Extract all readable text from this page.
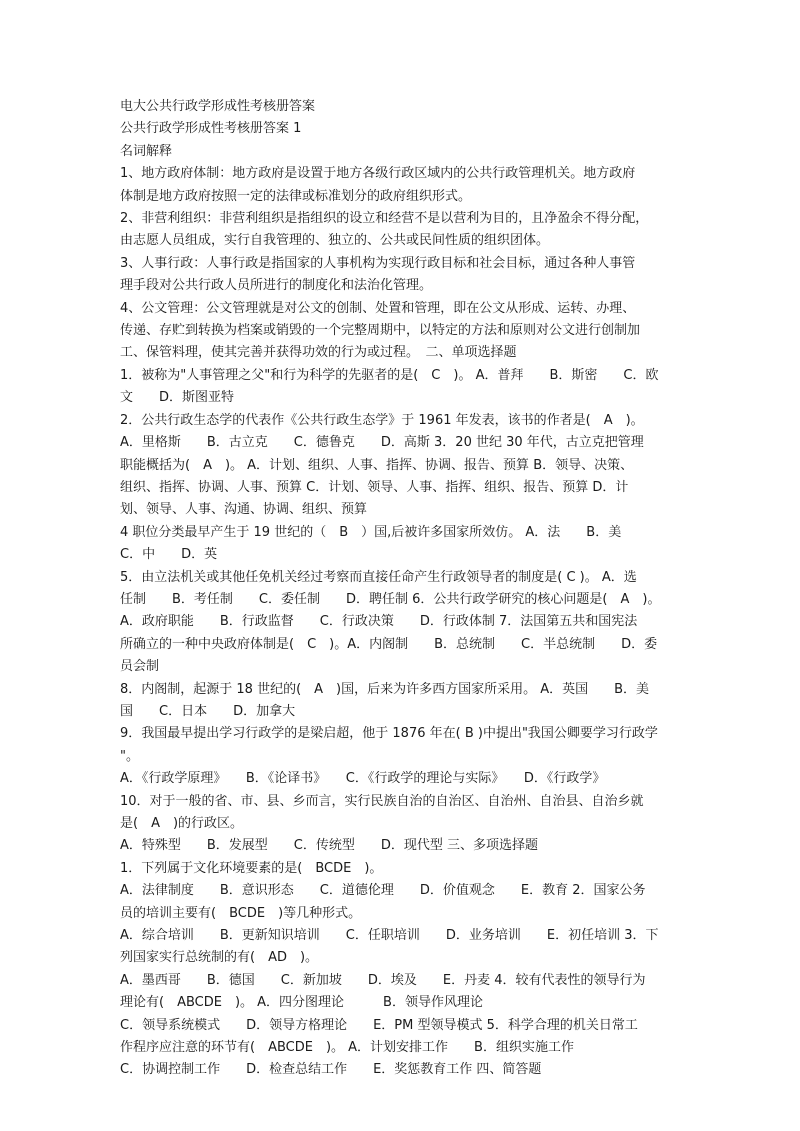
电大公共行政学形成性考核册答案
公共行政学形成性考核册答案 1
名词解释
1、地方政府体制：地方政府是设置于地方各级行政区域内的公共行政管理机关。地方政府
体制是地方政府按照一定的法律或标准划分的政府组织形式。
2、非营利组织：非营利组织是指组织的设立和经营不是以营利为目的，且净盈余不得分配，
由志愿人员组成，实行自我管理的、独立的、公共或民间性质的组织团体。
3、人事行政：人事行政是指国家的人事机构为实现行政目标和社会目标，通过各种人事管
理手段对公共行政人员所进行的制度化和法治化管理。
4、公文管理：公文管理就是对公文的创制、处置和管理，即在公文从形成、运转、办理、
传递、存贮到转换为档案或销毁的一个完整周期中，以特定的方法和原则对公文进行创制加
工、保管料理，使其完善并获得功效的行为或过程。　二、单项选择题
1．被称为"人事管理之父"和行为科学的先驱者的是(　C　)。 A．普拜　　B．斯密　　C．欧
文　　D．斯图亚特
2．公共行政生态学的代表作《公共行政生态学》于 1961 年发表，该书的作者是(　A　)。
A．里格斯　　B．古立克　　C．德鲁克　　D．高斯 3．20 世纪 30 年代，古立克把管理
职能概括为(　A　)。 A．计划、组织、人事、指挥、协调、报告、预算 B．领导、决策、
组织、指挥、协调、人事、预算 C．计划、领导、人事、指挥、组织、报告、预算 D．计
划、领导、人事、沟通、协调、组织、预算
4 职位分类最早产生于 19 世纪的（　B　）国,后被许多国家所效仿。 A．法　　B．美
C．中　　D．英
5．由立法机关或其他任免机关经过考察而直接任命产生行政领导者的制度是( C )。 A．选
任制　　B．考任制　　C．委任制　　D．聘任制 6．公共行政学研究的核心问题是(　A　)。
A．政府职能　　B．行政监督　　C．行政决策　　D．行政体制 7．法国第五共和国宪法
所确立的一种中央政府体制是(　C　)。A．内阁制　　B．总统制　　C．半总统制　　D．委
员会制
8．内阁制，起源于 18 世纪的(　A　)国，后来为许多西方国家所采用。 A．英国　　B．美
国　　C．日本　　D．加拿大
9．我国最早提出学习行政学的是梁启超，他于 1876 年在( B )中提出"我国公卿要学习行政学
"。
A．《行政学原理》　　B．《论译书》　　C．《行政学的理论与实际》　　D．《行政学》
10．对于一般的省、市、县、乡而言，实行民族自治的自治区、自治州、自治县、自治乡就
是(　A　)的行政区。
A．特殊型　　B．发展型　　C．传统型　　D．现代型 三、多项选择题
1．下列属于文化环境要素的是(　BCDE　)。
A．法律制度　　B．意识形态　　C．道德伦理　　D．价值观念　　E．教育 2．国家公务
员的培训主要有(　BCDE　)等几种形式。
A．综合培训　　B．更新知识培训　　C．任职培训　　D．业务培训　　E．初任培训 3．下
列国家实行总统制的有(　AD　)。
A．墨西哥　　B．德国　　C．新加坡　　D．埃及　　E．丹麦 4．较有代表性的领导行为
理论有(　ABCDE　)。 A．四分图理论　　　B．领导作风理论
C．领导系统模式　　D．领导方格理论　　E．PM 型领导模式 5．科学合理的机关日常工
作程序应注意的环节有(　ABCDE　)。 A．计划安排工作　　B．组织实施工作
C．协调控制工作　　D．检查总结工作　　E．奖惩教育工作 四、简答题
